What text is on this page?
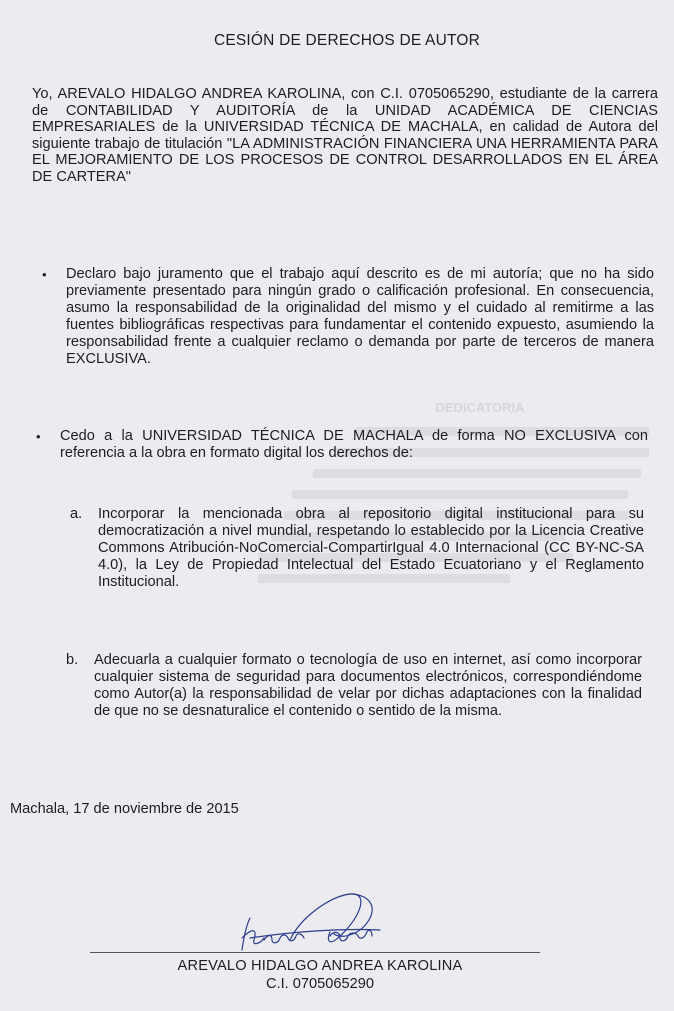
DEDICATORIA
CESIÓN DE DERECHOS DE AUTOR
Yo, AREVALO HIDALGO ANDREA KAROLINA, con C.I. 0705065290, estudiante de la carrera de CONTABILIDAD Y AUDITORÍA de la UNIDAD ACADÉMICA DE CIENCIAS EMPRESARIALES de la UNIVERSIDAD TÉCNICA DE MACHALA, en calidad de Autora del siguiente trabajo de titulación "LA ADMINISTRACIÓN FINANCIERA UNA HERRAMIENTA PARA EL MEJORAMIENTO DE LOS PROCESOS DE CONTROL DESARROLLADOS EN EL ÁREA DE CARTERA"
•	Declaro bajo juramento que el trabajo aquí descrito es de mi autoría; que no ha sido previamente presentado para ningún grado o calificación profesional. En consecuencia, asumo la responsabilidad de la originalidad del mismo y el cuidado al remitirme a las fuentes bibliográficas respectivas para fundamentar el contenido expuesto, asumiendo la responsabilidad frente a cualquier reclamo o demanda por parte de terceros de manera EXCLUSIVA.
•	Cedo a la UNIVERSIDAD TÉCNICA DE MACHALA de forma NO EXCLUSIVA con referencia a la obra en formato digital los derechos de:
a.	Incorporar la mencionada obra al repositorio digital institucional para su democratización a nivel mundial, respetando lo establecido por la Licencia Creative Commons Atribución-NoComercial-CompartirIgual 4.0 Internacional (CC BY-NC-SA 4.0), la Ley de Propiedad Intelectual del Estado Ecuatoriano y el Reglamento Institucional.
b.	Adecuarla a cualquier formato o tecnología de uso en internet, así como incorporar cualquier sistema de seguridad para documentos electrónicos, correspondiéndome como Autor(a) la responsabilidad de velar por dichas adaptaciones con la finalidad de que no se desnaturalice el contenido o sentido de la misma.
Machala, 17 de noviembre de 2015
AREVALO HIDALGO ANDREA KAROLINA
C.I. 0705065290
